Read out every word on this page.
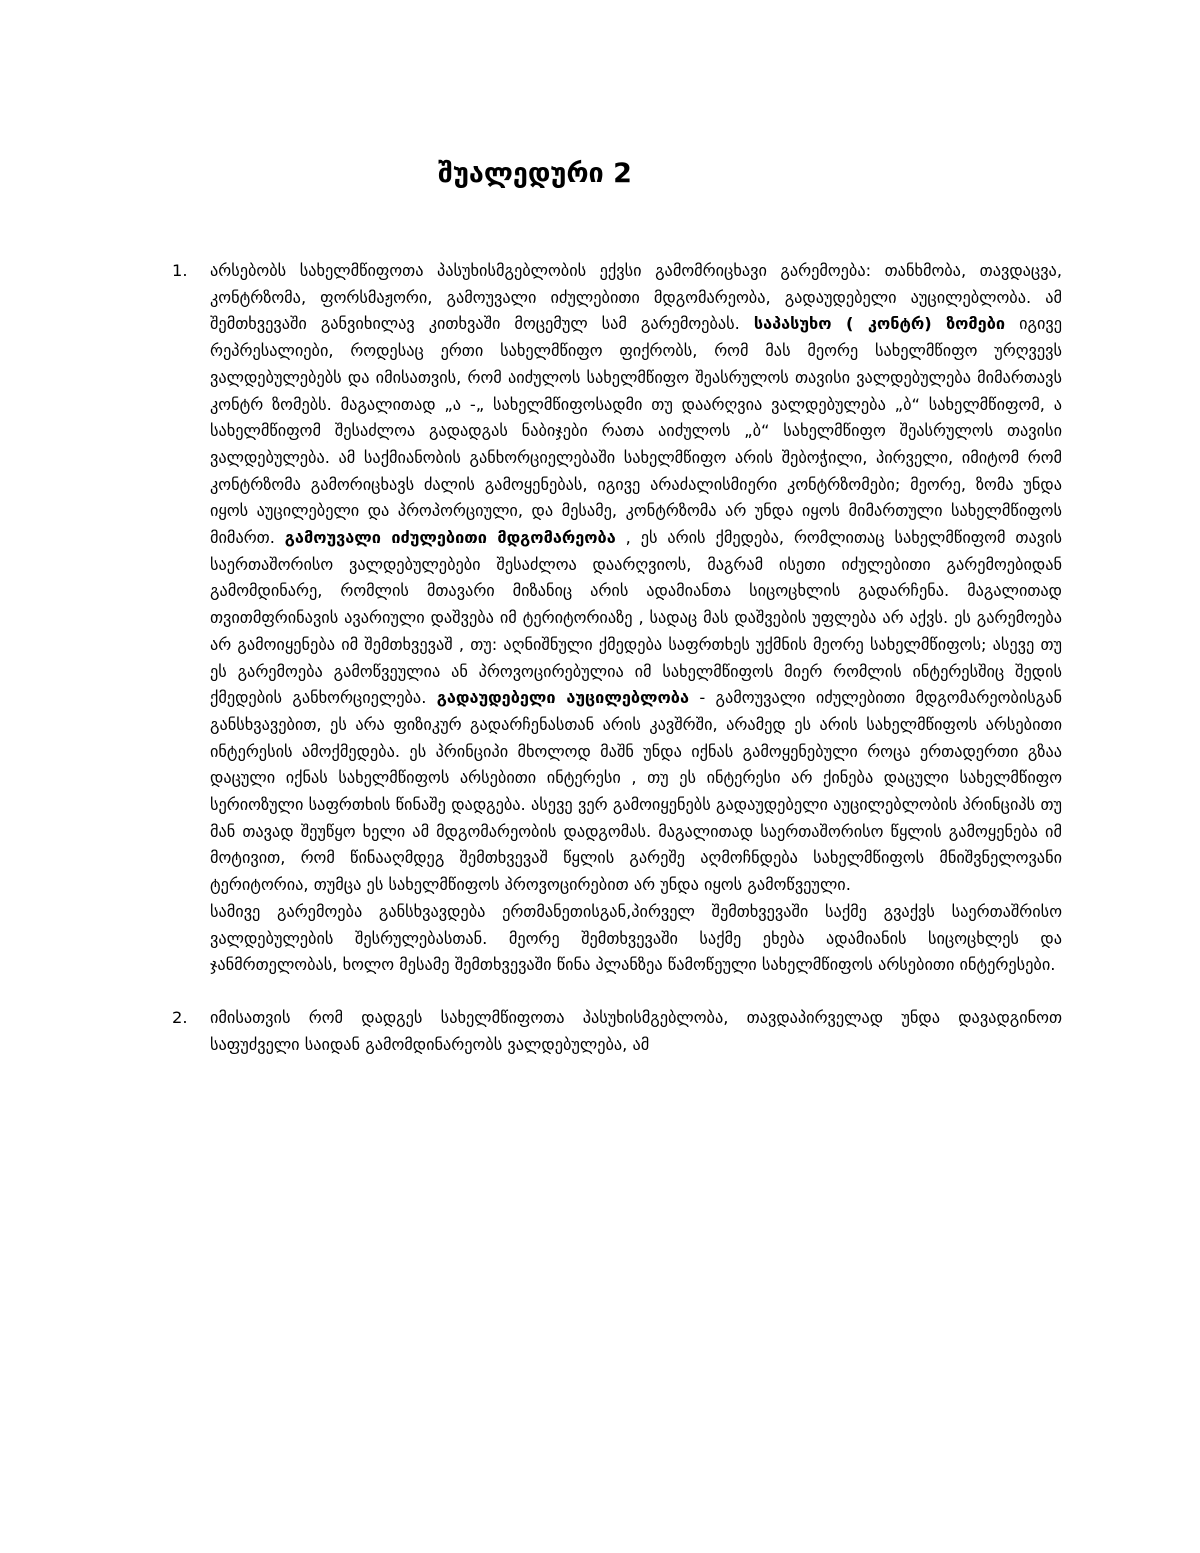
შუალედური 2
1.	არსებობს სახელმწიფოთა პასუხისმგებლობის ექვსი გამომრიცხავი გარემოება: თანხმობა, თავდაცვა, კონტრზომა, ფორსმაჟორი, გამოუვალი იძულებითი მდგომარეობა, გადაუდებელი აუცილებლობა. ამ შემთხვევაში განვიხილავ კითხვაში მოცემულ სამ გარემოებას. საპასუხო ( კონტრ) ზომები იგივე რეპრესალიები, როდესაც ერთი სახელმწიფო ფიქრობს, რომ მას მეორე სახელმწიფო ურღვევს ვალდებულებებს და იმისათვის, რომ აიძულოს სახელმწიფო შეასრულოს თავისი ვალდებულება მიმართავს კონტრ ზომებს. მაგალითად „ა -„ სახელმწიფოსადმი თუ დაარღვია ვალდებულება „ბ“ სახელმწიფომ, ა სახელმწიფომ შესაძლოა გადადგას ნაბიჯები რათა აიძულოს „ბ“ სახელმწიფო შეასრულოს თავისი ვალდებულება. ამ საქმიანობის განხორციელებაში სახელმწიფო არის შებოჭილი, პირველი, იმიტომ რომ კონტრზომა გამორიცხავს ძალის გამოყენებას, იგივე არაძალისმიერი კონტრზომები; მეორე, ზომა უნდა იყოს აუცილებელი და პროპორციული, და მესამე, კონტრზომა არ უნდა იყოს მიმართული სახელმწიფოს მიმართ. გამოუვალი იძულებითი მდგომარეობა , ეს არის ქმედება, რომლითაც სახელმწიფომ თავის საერთაშორისო ვალდებულებები შესაძლოა დაარღვიოს, მაგრამ ისეთი იძულებითი გარემოებიდან გამომდინარე, რომლის მთავარი მიზანიც არის ადამიანთა სიცოცხლის გადარჩენა. მაგალითად თვითმფრინავის ავარიული დაშვება იმ ტერიტორიაზე , სადაც მას დაშვების უფლება არ აქვს. ეს გარემოება არ გამოიყენება იმ შემთხვევაშ , თუ: აღნიშნული ქმედება საფრთხეს უქმნის მეორე სახელმწიფოს; ასევე თუ ეს გარემოება გამოწვეულია ან პროვოცირებულია იმ სახელმწიფოს მიერ რომლის ინტერესშიც შედის ქმედების განხორციელება. გადაუდებელი აუცილებლობა - გამოუვალი იძულებითი მდგომარეობისგან განსხვავებით, ეს არა ფიზიკურ გადარჩენასთან არის კავშრში, არამედ ეს არის სახელმწიფოს არსებითი ინტერესის ამოქმედება. ეს პრინციპი მხოლოდ მაშნ უნდა იქნას გამოყენებული როცა ერთადერთი გზაა დაცული იქნას სახელმწიფოს არსებითი ინტერესი , თუ ეს ინტერესი არ ქინება დაცული სახელმწიფო სერიოზული საფრთხის წინაშე დადგება. ასევე ვერ გამოიყენებს გადაუდებელი აუცილებლობის პრინციპს თუ მან თავად შეუწყო ხელი ამ მდგომარეობის დადგომას. მაგალითად საერთაშორისო წყლის გამოყენება იმ მოტივით, რომ წინააღმდეგ შემთხვევაშ წყლის გარეშე აღმოჩნდება სახელმწიფოს მნიშვნელოვანი ტერიტორია, თუმცა ეს სახელმწიფოს პროვოცირებით არ უნდა იყოს გამოწვეული.

სამივე გარემოება განსხვავდება ერთმანეთისგან,პირველ შემთხვევაში საქმე გვაქვს საერთაშრისო ვალდებულების შესრულებასთან. მეორე შემთხვევაში საქმე ეხება ადამიანის სიცოცხლეს და ჯანმრთელობას, ხოლო მესამე შემთხვევაში წინა პლანზეა წამოწეული სახელმწიფოს არსებითი ინტერესები.

2.	იმისათვის რომ დადგეს სახელმწიფოთა პასუხისმგებლობა, თავდაპირველად უნდა დავადგინოთ საფუძველი საიდან გამომდინარეობს ვალდებულება, ამ
